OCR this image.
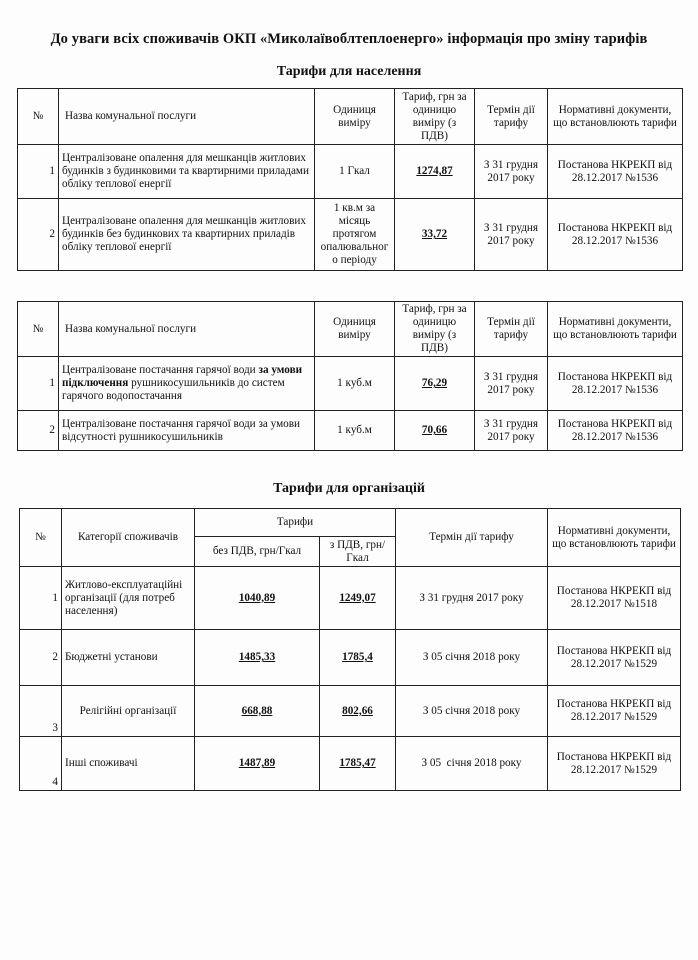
До уваги всіх споживачів ОКП «Миколаївоблтеплоенерго» інформація про зміну тарифів
Тарифи для населення
№	Назва комунальної послуги	Одиниця виміру	Тариф, грн за одиницю виміру (з ПДВ)	Термін дії тарифу	Нормативні документи, що встановлюють тарифи
1	Централізоване опалення для мешканців житлових будинків з будинковими та квартирними приладами обліку теплової енергії	1 Гкал	1274,87	З 31 грудня 2017 року	Постанова НКРЕКП від 28.12.2017 №1536
2	Централізоване опалення для мешканців житлових будинків без будинкових та квартирних приладів обліку теплової енергії	1 кв.м за місяць протягом опалювальног о періоду	33,72	З 31 грудня 2017 року	Постанова НКРЕКП від 28.12.2017 №1536
№	Назва комунальної послуги	Одиниця виміру	Тариф, грн за одиницю виміру (з ПДВ)	Термін дії тарифу	Нормативні документи, що встановлюють тарифи
1	Централізоване постачання гарячої води за умови підключення рушникосушильників до систем гарячого водопостачання	1 куб.м	76,29	З 31 грудня 2017 року	Постанова НКРЕКП від 28.12.2017 №1536
2	Централізоване постачання гарячої води за умови відсутності рушникосушильників	1 куб.м	70,66	З 31 грудня 2017 року	Постанова НКРЕКП від 28.12.2017 №1536
Тарифи для організацій
№	Категорії споживачів	Тарифи		Термін дії тарифу	Нормативні документи, що встановлюють тарифи
		без ПДВ, грн/Гкал	з ПДВ, грн/Гкал		
1	Житлово-експлуатаційні організації (для потреб населення)	1040,89	1249,07	З 31 грудня 2017 року	Постанова НКРЕКП від 28.12.2017 №1518
2	Бюджетні установи	1485,33	1785,4	З 05 січня 2018 року	Постанова НКРЕКП від 28.12.2017 №1529
3	Релігійні організації	668,88	802,66	З 05 січня 2018 року	Постанова НКРЕКП від 28.12.2017 №1529
4	Інші споживачі	1487,89	1785,47	З 05  січня 2018 року	Постанова НКРЕКП від 28.12.2017 №1529
